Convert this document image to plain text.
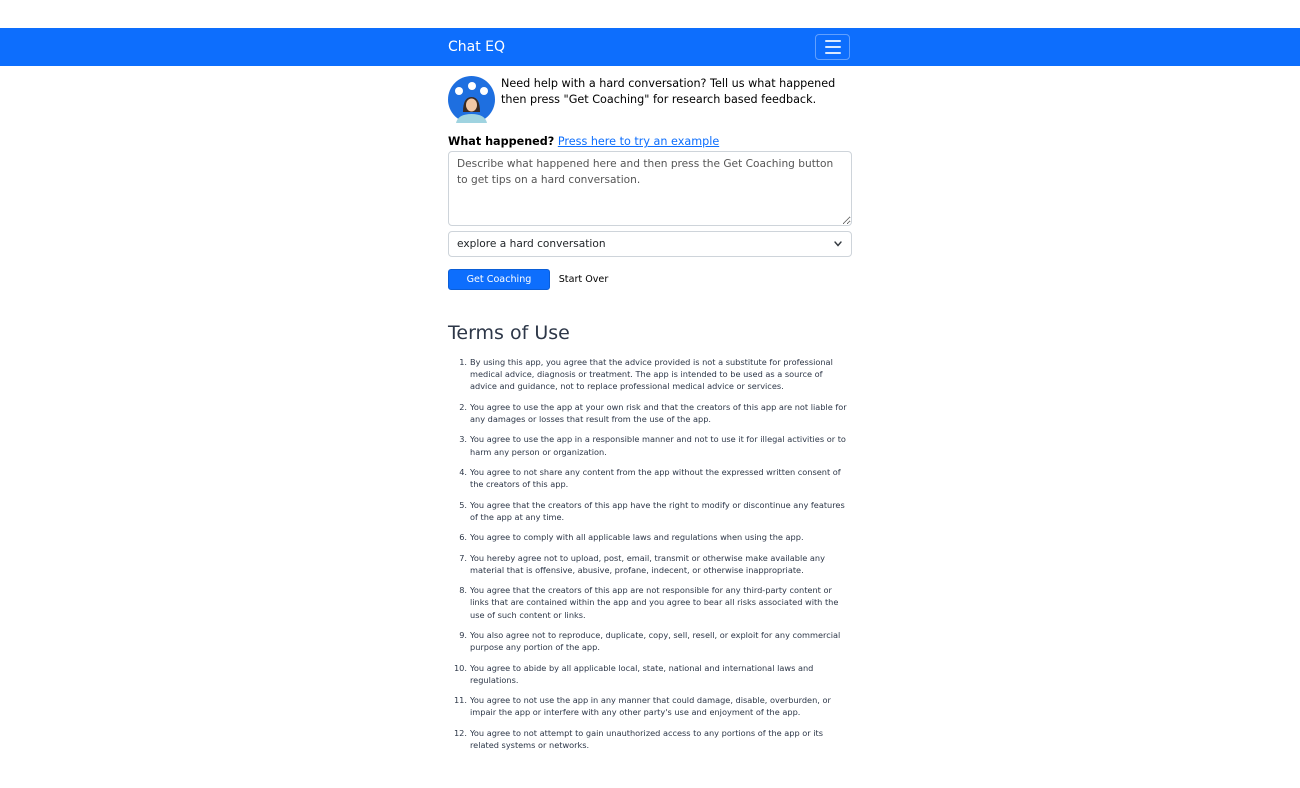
Chat EQ
Need help with a hard conversation? Tell us what happened then press "Get Coaching" for research based feedback.
What happened? Press here to try an example
Describe what happened here and then press the Get Coaching button to get tips on a hard conversation.
explore a hard conversation
Get Coaching	Start Over
Terms of Use
1. By using this app, you agree that the advice provided is not a substitute for professional medical advice, diagnosis or treatment. The app is intended to be used as a source of advice and guidance, not to replace professional medical advice or services.
2. You agree to use the app at your own risk and that the creators of this app are not liable for any damages or losses that result from the use of the app.
3. You agree to use the app in a responsible manner and not to use it for illegal activities or to harm any person or organization.
4. You agree to not share any content from the app without the expressed written consent of the creators of this app.
5. You agree that the creators of this app have the right to modify or discontinue any features of the app at any time.
6. You agree to comply with all applicable laws and regulations when using the app.
7. You hereby agree not to upload, post, email, transmit or otherwise make available any material that is offensive, abusive, profane, indecent, or otherwise inappropriate.
8. You agree that the creators of this app are not responsible for any third-party content or links that are contained within the app and you agree to bear all risks associated with the use of such content or links.
9. You also agree not to reproduce, duplicate, copy, sell, resell, or exploit for any commercial purpose any portion of the app.
10. You agree to abide by all applicable local, state, national and international laws and regulations.
11. You agree to not use the app in any manner that could damage, disable, overburden, or impair the app or interfere with any other party's use and enjoyment of the app.
12. You agree to not attempt to gain unauthorized access to any portions of the app or its related systems or networks.
